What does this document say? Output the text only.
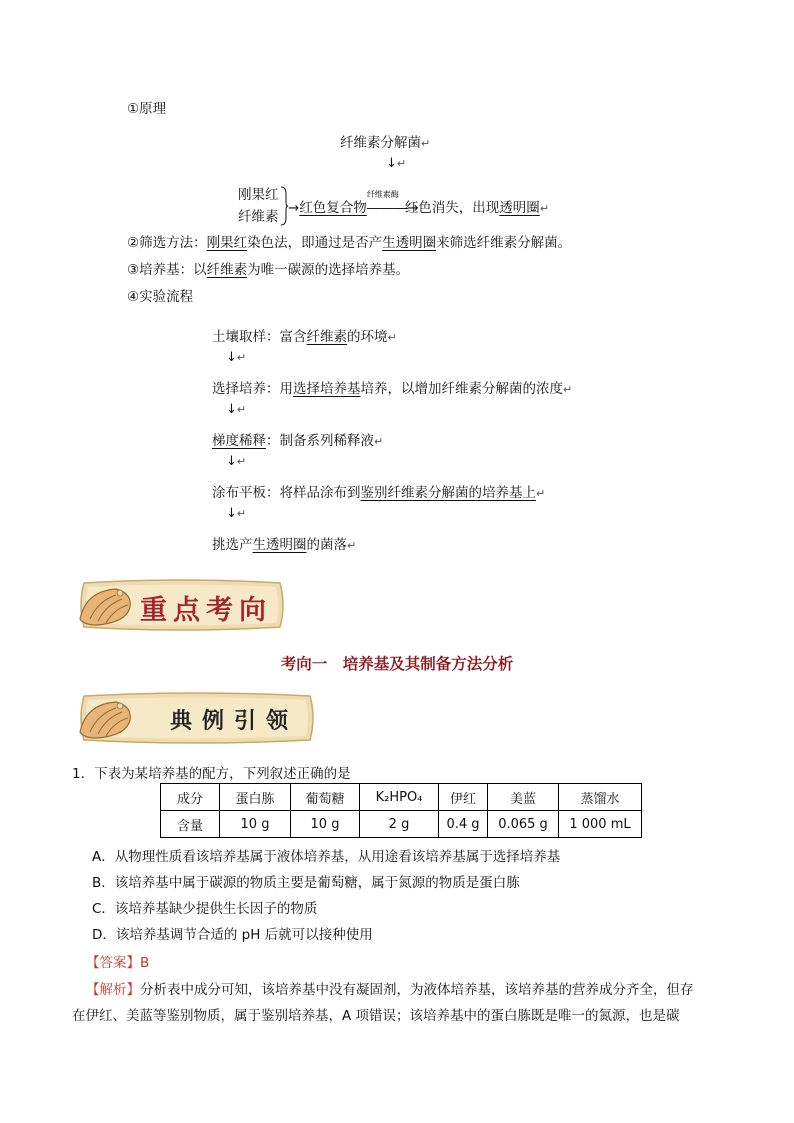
①原理
纤维素分解菌↵
↓↵
刚果红
纤维素
→红色复合物
纤维素酶
―――→红色消失，出现透明圈↵
②筛选方法：刚果红染色法，即通过是否产生透明圈来筛选纤维素分解菌。
③培养基：以纤维素为唯一碳源的选择培养基。
④实验流程
土壤取样：富含纤维素的环境↵
↓↵
选择培养：用选择培养基培养，以增加纤维素分解菌的浓度↵
↓↵
梯度稀释：制备系列稀释液↵
↓↵
涂布平板：将样品涂布到鉴别纤维素分解菌的培养基上↵
↓↵
挑选产生透明圈的菌落↵
重点考向
考向一　培养基及其制备方法分析
典例引领
1．下表为某培养基的配方，下列叙述正确的是
成分	蛋白胨	葡萄糖	K₂HPO₄	伊红	美蓝	蒸馏水
含量	10 g	10 g	2 g	0.4 g	0.065 g	1 000 mL
A．从物理性质看该培养基属于液体培养基，从用途看该培养基属于选择培养基
B．该培养基中属于碳源的物质主要是葡萄糖，属于氮源的物质是蛋白胨
C．该培养基缺少提供生长因子的物质
D．该培养基调节合适的 pH 后就可以接种使用
【答案】B
【解析】分析表中成分可知，该培养基中没有凝固剂，为液体培养基，该培养基的营养成分齐全，但存
在伊红、美蓝等鉴别物质，属于鉴别培养基，A 项错误；该培养基中的蛋白胨既是唯一的氮源，也是碳
